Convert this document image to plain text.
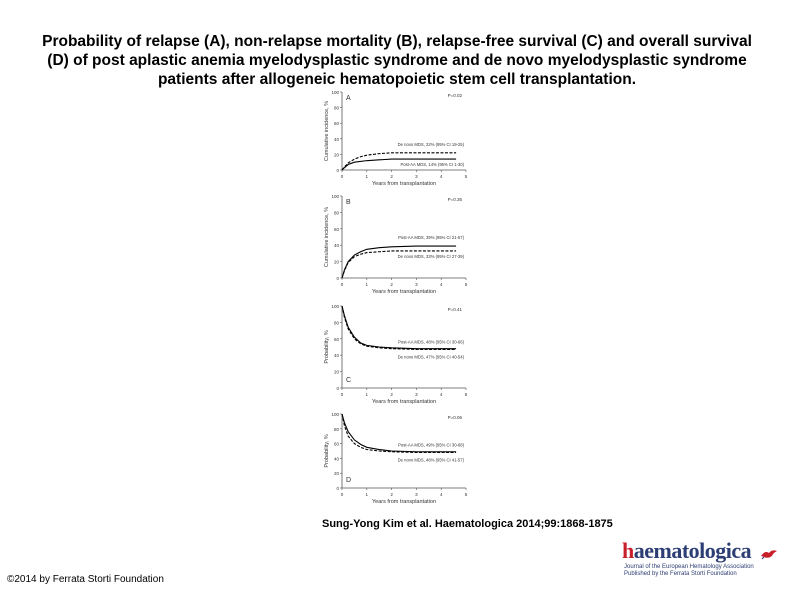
Probability of relapse (A), non-relapse mortality (B), relapse-free survival (C) and overall survival
(D) of post aplastic anemia myelodysplastic syndrome and de novo myelodysplastic syndrome
patients after allogeneic hematopoietic stem cell transplantation.
0
20
40
60
80
100
0	1	2	3	4	5
Years from transplantation
Cumulative incidence, %
A	P=0.02
De novo MDS, 22% (95% CI 19-25)
Post-AA MDS, 14% (95% CI 1-30)
0
20
40
60
80
100
0	1	2	3	4	5
Years from transplantation
Cumulative incidence, %
B	P=0.36
Post-AA MDS, 39% (95% CI 21-57)
De novo MDS, 33% (95% CI 27-39)
0
20
40
60
80
100
0	1	2	3	4	5
Years from transplantation
Probability, %
C
P=0.41
Post-AA MDS, 48% (95% CI 30-66)
De novo MDS, 47% (95% CI 40-54)
0
20
40
60
80
100
0	1	2	3	4	5
Years from transplantation
Probability, %
D
P=0.06
Post-AA MDS, 49% (95% CI 30-68)
De novo MDS, 48% (95% CI 41-57)
Sung-Yong Kim et al. Haematologica 2014;99:1868-1875
©2014 by Ferrata Storti Foundation
haematologica
Journal of the European Hematology Association
Published by the Ferrata Storti Foundation
